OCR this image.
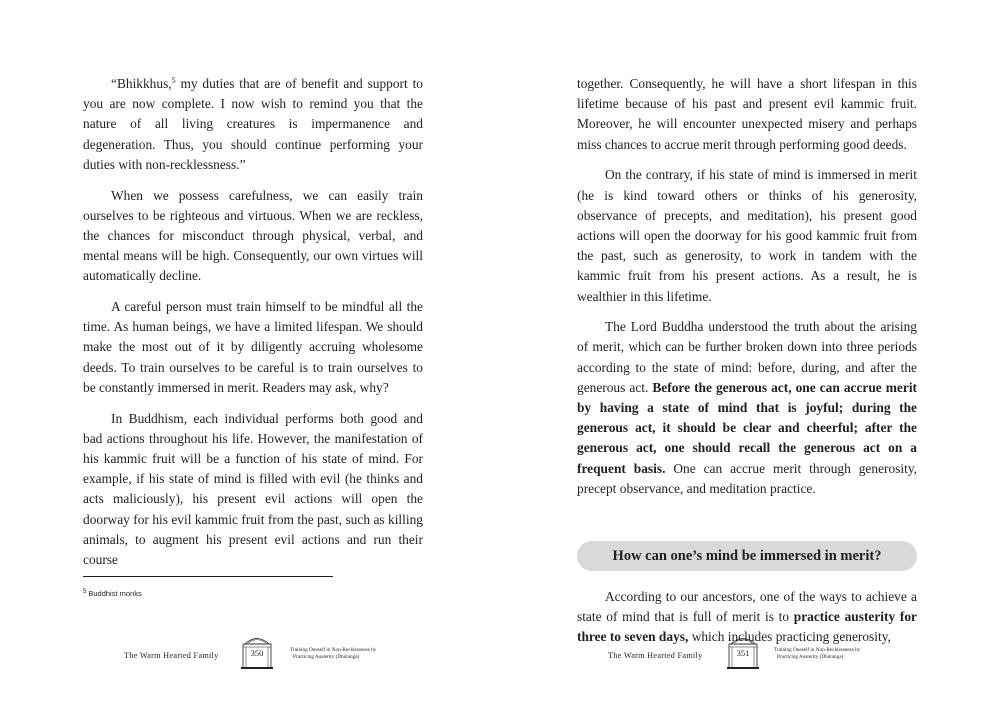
“Bhikkhus,$^5$ my duties that are of benefit and support to you are now complete. I now wish to remind you that the nature of all living creatures is impermanence and degeneration. Thus, you should continue performing your duties with non-recklessness.”

When we possess carefulness, we can easily train ourselves to be righteous and virtuous. When we are reckless, the chances for misconduct through physical, verbal, and mental means will be high. Consequently, our own virtues will automatically decline.

A careful person must train himself to be mindful all the time. As human beings, we have a limited lifespan. We should make the most out of it by diligently accruing wholesome deeds. To train ourselves to be careful is to train ourselves to be constantly immersed in merit. Readers may ask, why?

In Buddhism, each individual performs both good and bad actions throughout his life. However, the manifestation of his kammic fruit will be a function of his state of mind. For example, if his state of mind is filled with evil (he thinks and acts maliciously), his present evil actions will open the doorway for his evil kammic fruit from the past, such as killing animals, to augment his present evil actions and run their course

$^5$ Buddhist monks
The Warm Hearted Family	350	Training Oneself in Non-Recklessness by
Practicing Austerity (Dhūtanga)

together. Consequently, he will have a short lifespan in this lifetime because of his past and present evil kammic fruit. Moreover, he will encounter unexpected misery and perhaps miss chances to accrue merit through performing good deeds.

On the contrary, if his state of mind is immersed in merit (he is kind toward others or thinks of his generosity, observance of precepts, and meditation), his present good actions will open the doorway for his good kammic fruit from the past, such as generosity, to work in tandem with the kammic fruit from his present actions. As a result, he is wealthier in this lifetime.

The Lord Buddha understood the truth about the arising of merit, which can be further broken down into three periods according to the state of mind: before, during, and after the generous act. Before the generous act, one can accrue merit by having a state of mind that is joyful; during the generous act, it should be clear and cheerful; after the generous act, one should recall the generous act on a frequent basis. One can accrue merit through generosity, precept observance, and meditation practice.

How can one’s mind be immersed in merit?

According to our ancestors, one of the ways to achieve a state of mind that is full of merit is to practice austerity for three to seven days, which includes practicing generosity,

The Warm Hearted Family	351	Training Oneself in Non-Recklessness by
Practicing Austerity (Dhūtanga)
